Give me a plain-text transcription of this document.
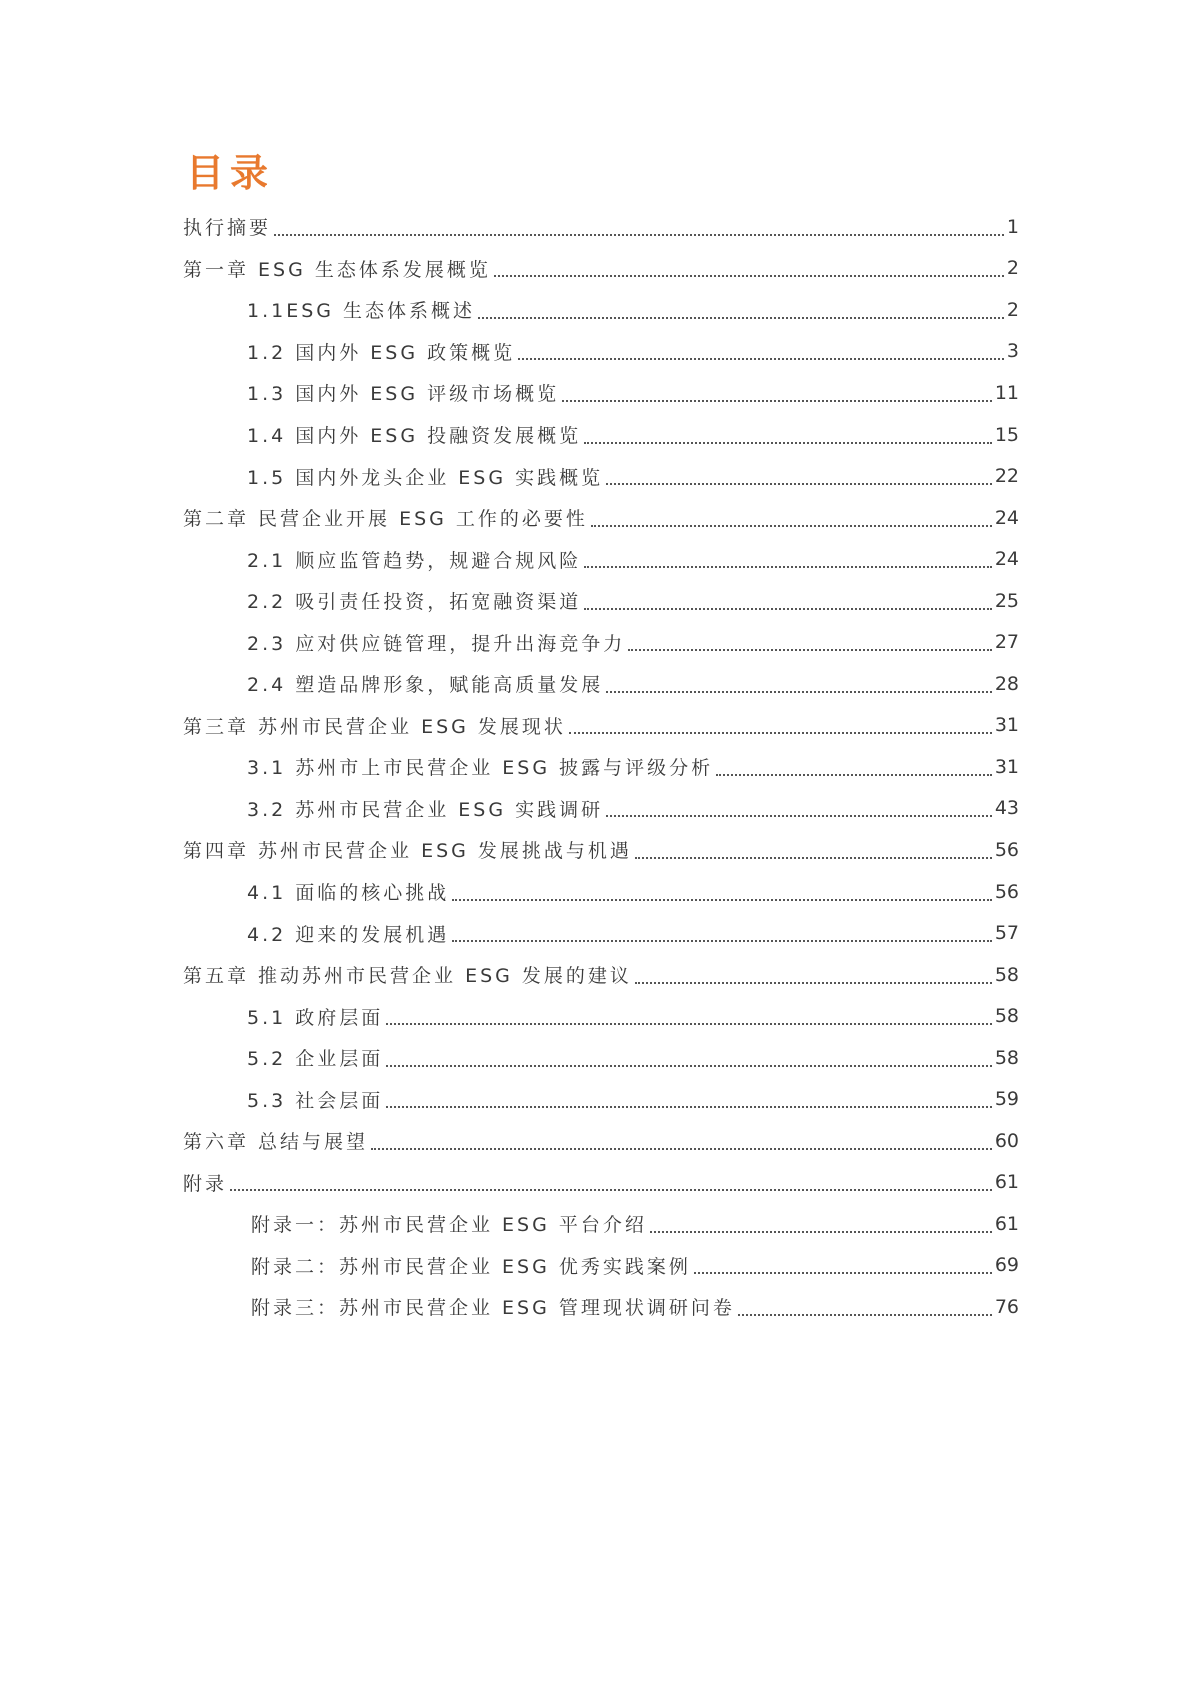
目录
执行摘要	1
第一章 ESG 生态体系发展概览	2
1.1ESG 生态体系概述	2
1.2 国内外 ESG 政策概览	3
1.3 国内外 ESG 评级市场概览	11
1.4 国内外 ESG 投融资发展概览	15
1.5 国内外龙头企业 ESG 实践概览	22
第二章 民营企业开展 ESG 工作的必要性	24
2.1 顺应监管趋势，规避合规风险	24
2.2 吸引责任投资，拓宽融资渠道	25
2.3 应对供应链管理，提升出海竞争力	27
2.4 塑造品牌形象，赋能高质量发展	28
第三章 苏州市民营企业 ESG 发展现状	31
3.1 苏州市上市民营企业 ESG 披露与评级分析	31
3.2 苏州市民营企业 ESG 实践调研	43
第四章 苏州市民营企业 ESG 发展挑战与机遇	56
4.1 面临的核心挑战	56
4.2 迎来的发展机遇	57
第五章 推动苏州市民营企业 ESG 发展的建议	58
5.1 政府层面	58
5.2 企业层面	58
5.3 社会层面	59
第六章 总结与展望	60
附录	61
附录一：苏州市民营企业 ESG 平台介绍	61
附录二：苏州市民营企业 ESG 优秀实践案例	69
附录三：苏州市民营企业 ESG 管理现状调研问卷	76
